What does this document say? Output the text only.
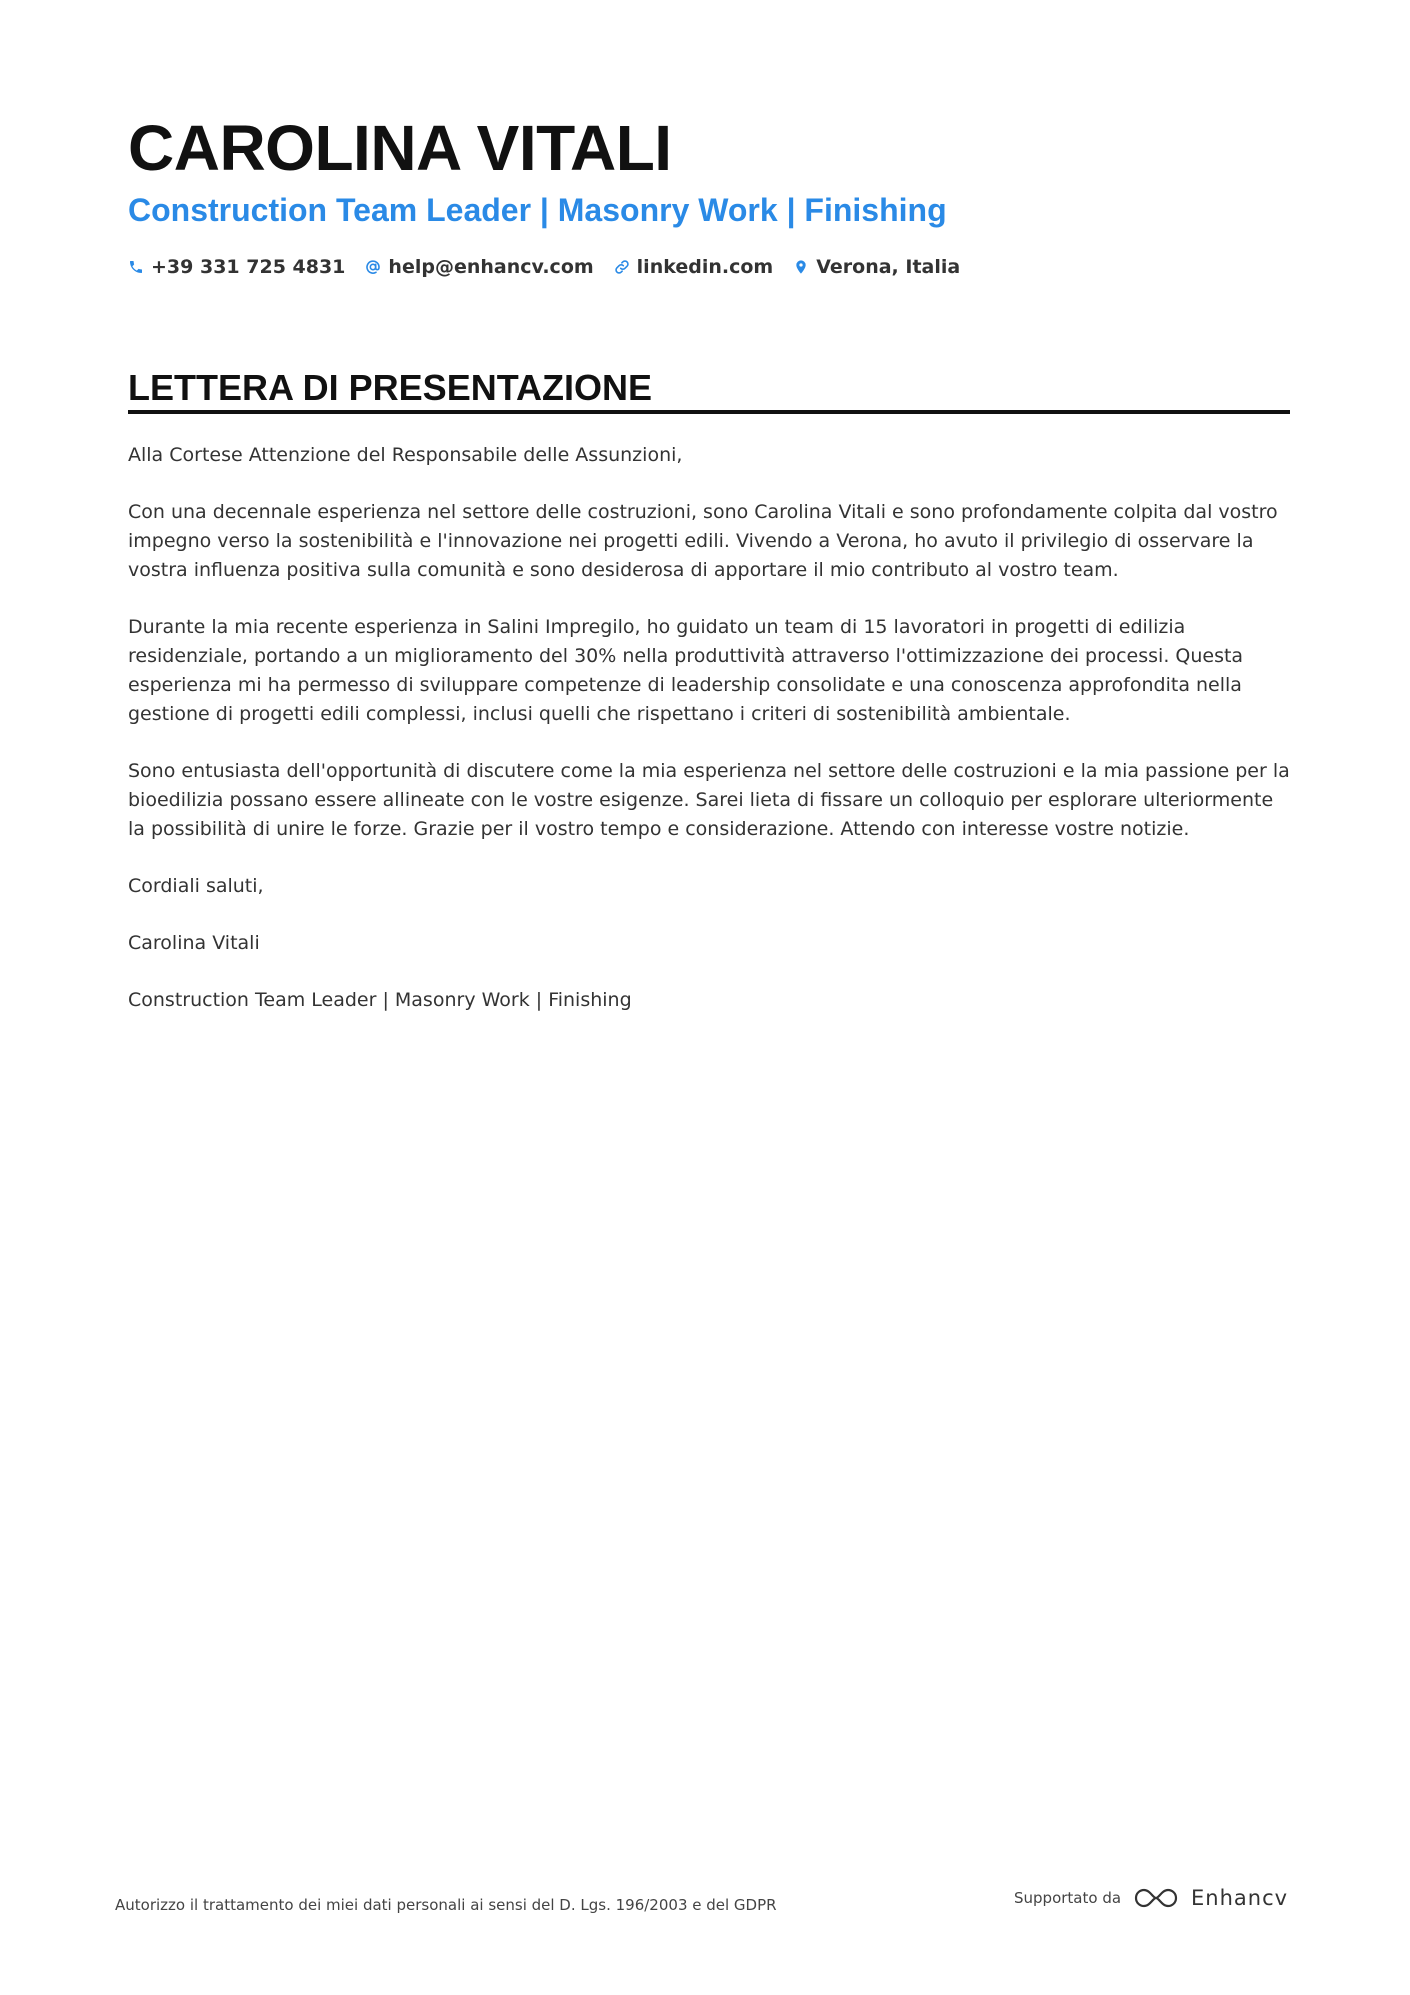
CAROLINA VITALI
Construction Team Leader | Masonry Work | Finishing
+39 331 725 4831 help@enhancv.com linkedin.com Verona, Italia
LETTERA DI PRESENTAZIONE

Alla Cortese Attenzione del Responsabile delle Assunzioni,

Con una decennale esperienza nel settore delle costruzioni, sono Carolina Vitali e sono profondamente colpita dal vostro impegno verso la sostenibilità e l'innovazione nei progetti edili. Vivendo a Verona, ho avuto il privilegio di osservare la vostra influenza positiva sulla comunità e sono desiderosa di apportare il mio contributo al vostro team.

Durante la mia recente esperienza in Salini Impregilo, ho guidato un team di 15 lavoratori in progetti di edilizia residenziale, portando a un miglioramento del 30% nella produttività attraverso l'ottimizzazione dei processi. Questa esperienza mi ha permesso di sviluppare competenze di leadership consolidate e una conoscenza approfondita nella gestione di progetti edili complessi, inclusi quelli che rispettano i criteri di sostenibilità ambientale.

Sono entusiasta dell'opportunità di discutere come la mia esperienza nel settore delle costruzioni e la mia passione per la bioedilizia possano essere allineate con le vostre esigenze. Sarei lieta di fissare un colloquio per esplorare ulteriormente la possibilità di unire le forze. Grazie per il vostro tempo e considerazione. Attendo con interesse vostre notizie.

Cordiali saluti,

Carolina Vitali

Construction Team Leader | Masonry Work | Finishing

Autorizzo il trattamento dei miei dati personali ai sensi del D. Lgs. 196/2003 e del GDPR	Supportato da	Enhancv
